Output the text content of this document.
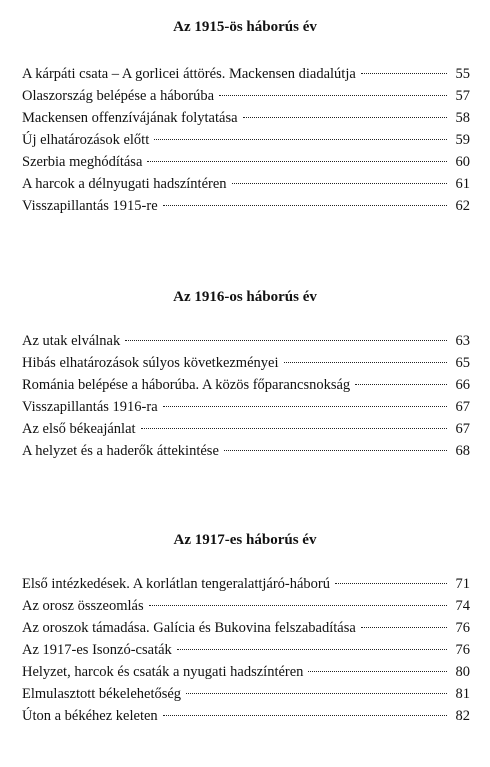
Az 1915-ös háborús év
A kárpáti csata – A gorlicei áttörés. Mackensen diadalútja	55
Olaszország belépése a háborúba	57
Mackensen offenzívájának folytatása	58
Új elhatározások előtt	59
Szerbia meghódítása	60
A harcok a délnyugati hadszíntéren	61
Visszapillantás 1915-re	62
Az 1916-os háborús év
Az utak elválnak	63
Hibás elhatározások súlyos következményei	65
Románia belépése a háborúba. A közös főparancsnokság	66
Visszapillantás 1916-ra	67
Az első békeajánlat	67
A helyzet és a haderők áttekintése	68
Az 1917-es háborús év
Első intézkedések. A korlátlan tengeralattjáró-háború	71
Az orosz összeomlás	74
Az oroszok támadása. Galícia és Bukovina felszabadítása	76
Az 1917-es Isonzó-csaták	76
Helyzet, harcok és csaták a nyugati hadszíntéren	80
Elmulasztott békelehetőség	81
Úton a békéhez keleten	82
